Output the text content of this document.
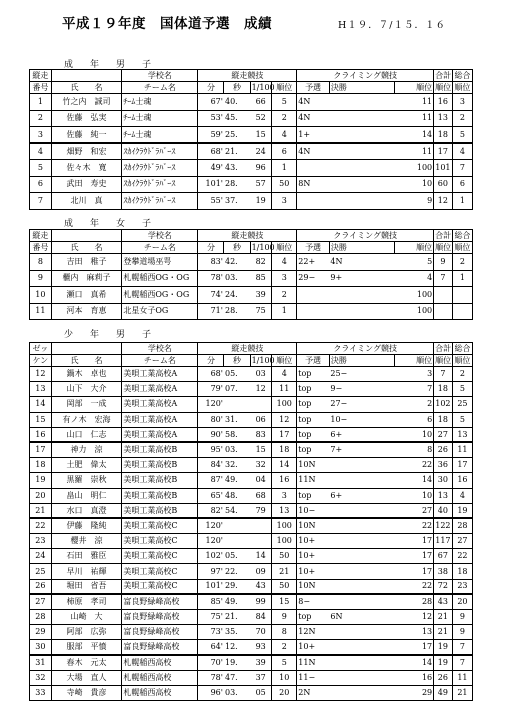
平成１９年度　国体道予選　成績	H１９．７/１５．１６
成　年　男　子
縦走		学校名	縦走競技				クライミング競技			合計	総合
番号	氏　　名	チーム名	分	秒	1/100	順位	予選	決勝	順位	順位	順位
1	竹之内　誠司	ﾁｰﾑ士魂	67'	40.	66	5	4N		11	16	3
2	佐藤　弘実	ﾁｰﾑ士魂	53'	45.	52	2	4N		11	13	2
3	佐藤　純一	ﾁｰﾑ士魂	59'	25.	15	4	1+		14	18	5
4	畑野　和宏	ｽｶｲｸﾗｳﾄﾞﾗﾊﾞｰｽ	68'	21.	24	6	4N		11	17	4
5	佐々木　寛	ｽｶｲｸﾗｳﾄﾞﾗﾊﾞｰｽ	49'	43.	96	1			100	101	7
6	武田　寿史	ｽｶｲｸﾗｳﾄﾞﾗﾊﾞｰｽ	101'	28.	57	50	8N		10	60	6
7	北川　真	ｽｶｲｸﾗｳﾄﾞﾗﾊﾞｰｽ	55'	37.	19	3			9	12	1
成　年　女　子
縦走		学校名	縦走競技				クライミング競技			合計	総合
番号	氏　　名	チーム名	分	秒	1/100	順位	予選	決勝	順位	順位	順位
8	吉田　稚子	登攀道場巫咢	83'	42.	82	4	22+	4N	5	9	2
9	櫃内　麻莉子	札幌稲西OG・OG	78'	03.	85	3	29−	9+	4	7	1
10	瀬口　真希	札幌稲西OG・OG	74'	24.	39	2			100		
11	河本　育恵	北星女子OG	71'	28.	75	1			100		
少　年　男　子
ゼッ		学校名	縦走競技				クライミング競技			合計	総合
ケン	氏　　名	チーム名	分	秒	1/100	順位	予選	決勝	順位	順位	順位
12	鍋木　卓也	美唄工業高校A	68'	05.	03	4	top	25−	3	7	2
13	山下　大介	美唄工業高校A	79'	07.	12	11	top	9−	7	18	5
14	岡部　一成	美唄工業高校A	120'			100	top	27−	2	102	25
15	有ノ木　宏海	美唄工業高校A	80'	31.	06	12	top	10−	6	18	5
16	山口　仁志	美唄工業高校A	90'	58.	83	17	top	6+	10	27	13
17	神力　涼	美唄工業高校B	95'	03.	15	18	top	7+	8	26	11
18	土肥　偉太	美唄工業高校B	84'	32.	32	14	10N		22	36	17
19	黒羅　崇秋	美唄工業高校B	87'	49.	04	16	11N		14	30	16
20	畠山　明仁	美唄工業高校B	65'	48.	68	3	top	6+	10	13	4
21	水口　真澄	美唄工業高校B	82'	54.	79	13	10−		27	40	19
22	伊藤　隆純	美唄工業高校C	120'			100	10N		22	122	28
23	櫻井　涼	美唄工業高校C	120'			100	10+		17	117	27
24	石田　雅臣	美唄工業高校C	102'	05.	14	50	10+		17	67	22
25	早川　祐輝	美唄工業高校C	97'	22.	09	21	10+		17	38	18
26	堀田　省吾	美唄工業高校C	101'	29.	43	50	10N		22	72	23
27	柿原　孝司	富良野緑峰高校	85'	49.	99	15	8−		28	43	20
28	山崎　大	富良野緑峰高校	75'	21.	84	9	top	6N	12	21	9
29	阿部　広弥	富良野緑峰高校	73'	35.	70	8	12N		13	21	9
30	服部　平憤	富良野緑峰高校	64'	12.	93	2	10+		17	19	7
31	春木　元太	札幌稲西高校	70'	19.	39	5	11N		14	19	7
32	大場　直人	札幌稲西高校	78'	47.	37	10	11−		16	26	11
33	寺崎　貴彦	札幌稲西高校	96'	03.	05	20	2N		29	49	21
